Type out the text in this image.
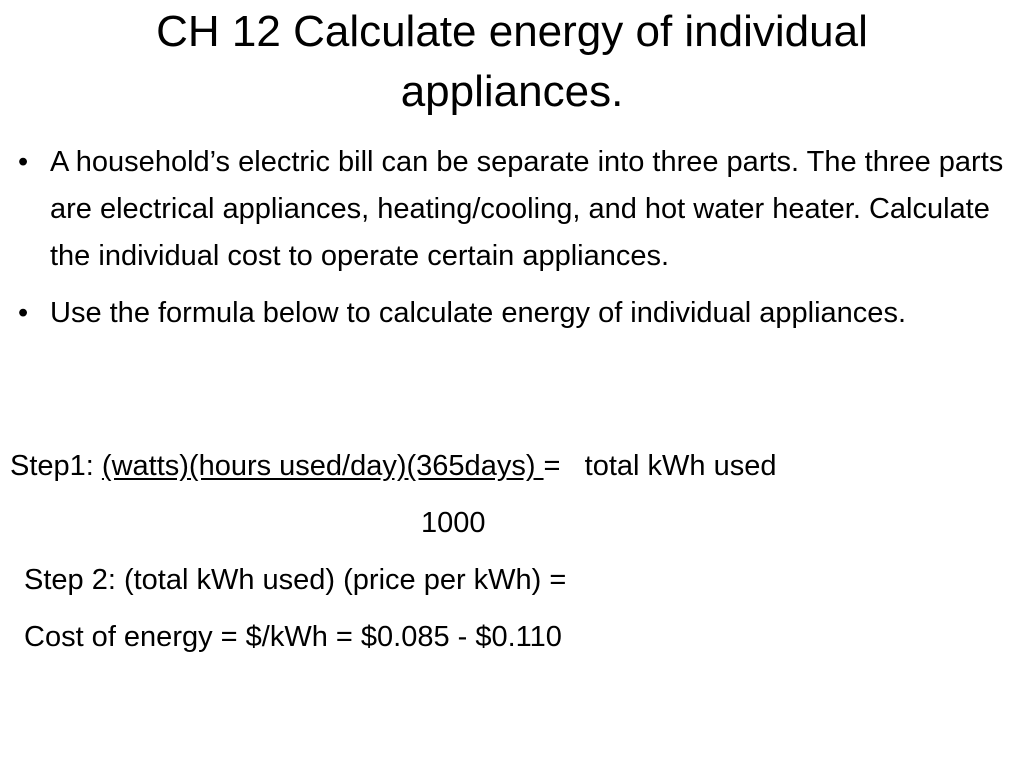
CH 12 Calculate energy of individual appliances.
• A household’s electric bill can be separate into three parts. The three parts are electrical appliances, heating/cooling, and hot water heater. Calculate the individual cost to operate certain appliances.
• Use the formula below to calculate energy of individual appliances.
Step1: (watts)(hours used/day)(365days) =   total kWh used
1000
Step 2: (total kWh used) (price per kWh) =
Cost of energy = $/kWh = $0.085 - $0.110
